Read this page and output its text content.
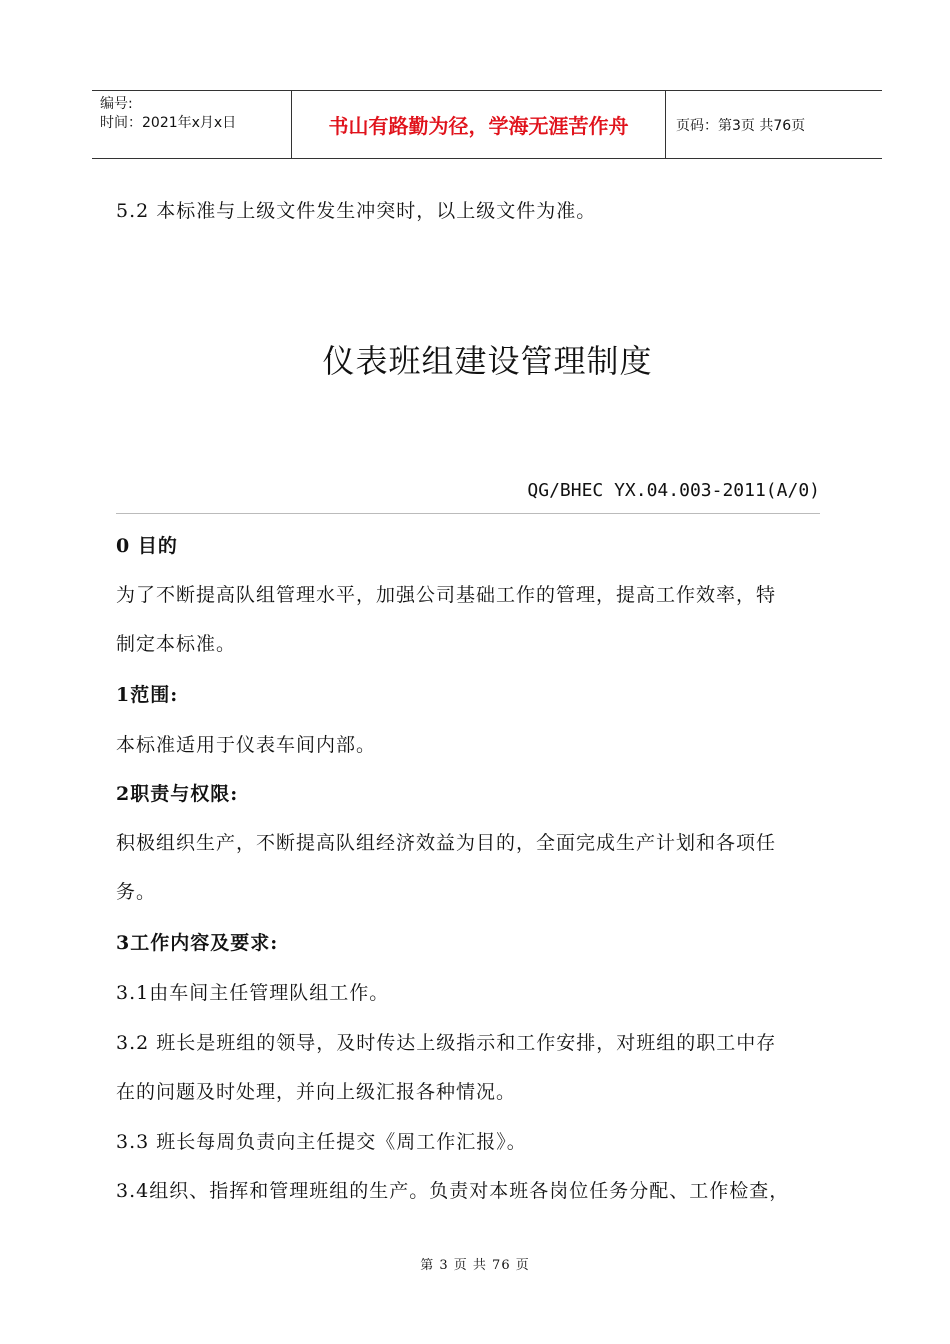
编号:
时间：2021年x月x日	书山有路勤为径，学海无涯苦作舟	页码：第3页 共76页
5.2 本标准与上级文件发生冲突时，以上级文件为准。
仪表班组建设管理制度
QG/BHEC YX.04.003-2011(A/0)
0 目的
为了不断提高队组管理水平，加强公司基础工作的管理，提高工作效率，特
制定本标准。
1范围:
本标准适用于仪表车间内部。
2职责与权限:
积极组织生产，不断提高队组经济效益为目的，全面完成生产计划和各项任
务。
3工作内容及要求:
3.1由车间主任管理队组工作。
3.2 班长是班组的领导，及时传达上级指示和工作安排，对班组的职工中存
在的问题及时处理，并向上级汇报各种情况。
3.3 班长每周负责向主任提交《周工作汇报》。
3.4组织、指挥和管理班组的生产。负责对本班各岗位任务分配、工作检查，
第 3 页 共 76 页
